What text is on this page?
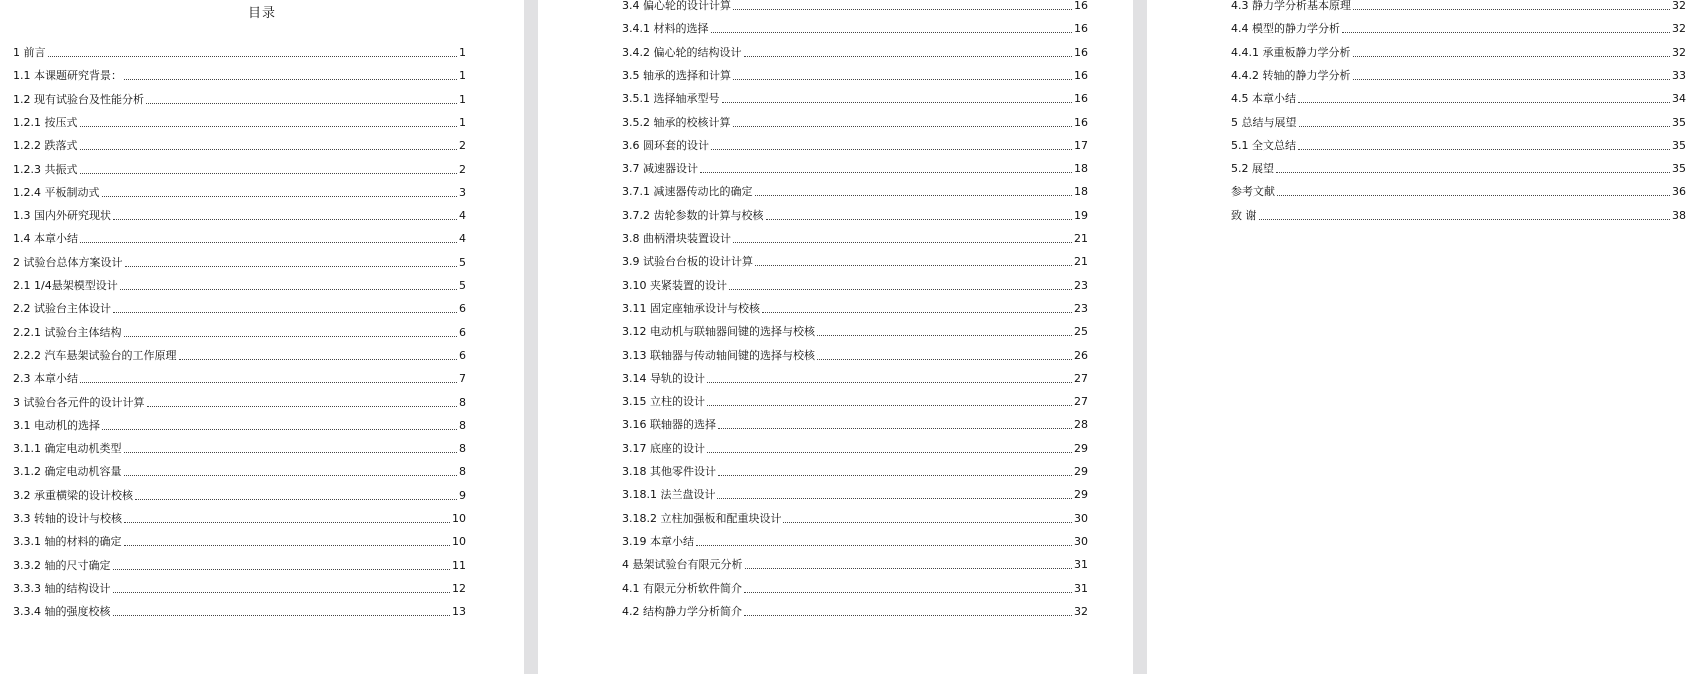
目录
1 前言	1
1.1 本课题研究背景：	1
1.2 现有试验台及性能分析	1
1.2.1 按压式	1
1.2.2 跌落式	2
1.2.3 共振式	2
1.2.4 平板制动式	3
1.3 国内外研究现状	4
1.4 本章小结	4
2 试验台总体方案设计	5
2.1 1/4悬架模型设计	5
2.2 试验台主体设计	6
2.2.1 试验台主体结构	6
2.2.2 汽车悬架试验台的工作原理	6
2.3 本章小结	7
3 试验台各元件的设计计算	8
3.1 电动机的选择	8
3.1.1 确定电动机类型	8
3.1.2 确定电动机容量	8
3.2 承重横梁的设计校核	9
3.3 转轴的设计与校核	10
3.3.1 轴的材料的确定	10
3.3.2 轴的尺寸确定	11
3.3.3 轴的结构设计	12
3.3.4 轴的强度校核	13
3.4 偏心轮的设计计算	16
3.4.1 材料的选择	16
3.4.2 偏心轮的结构设计	16
3.5 轴承的选择和计算	16
3.5.1 选择轴承型号	16
3.5.2 轴承的校核计算	16
3.6 圆环套的设计	17
3.7 减速器设计	18
3.7.1 减速器传动比的确定	18
3.7.2 齿轮参数的计算与校核	19
3.8 曲柄滑块装置设计	21
3.9 试验台台板的设计计算	21
3.10 夹紧装置的设计	23
3.11 固定座轴承设计与校核	23
3.12 电动机与联轴器间键的选择与校核	25
3.13 联轴器与传动轴间键的选择与校核	26
3.14 导轨的设计	27
3.15 立柱的设计	27
3.16 联轴器的选择	28
3.17 底座的设计	29
3.18 其他零件设计	29
3.18.1 法兰盘设计	29
3.18.2 立柱加强板和配重块设计	30
3.19 本章小结	30
4 悬架试验台有限元分析	31
4.1 有限元分析软件简介	31
4.2 结构静力学分析简介	32
4.3 静力学分析基本原理	32
4.4 模型的静力学分析	32
4.4.1 承重板静力学分析	32
4.4.2 转轴的静力学分析	33
4.5 本章小结	34
5 总结与展望	35
5.1 全文总结	35
5.2 展望	35
参考文献	36
致 谢	38
